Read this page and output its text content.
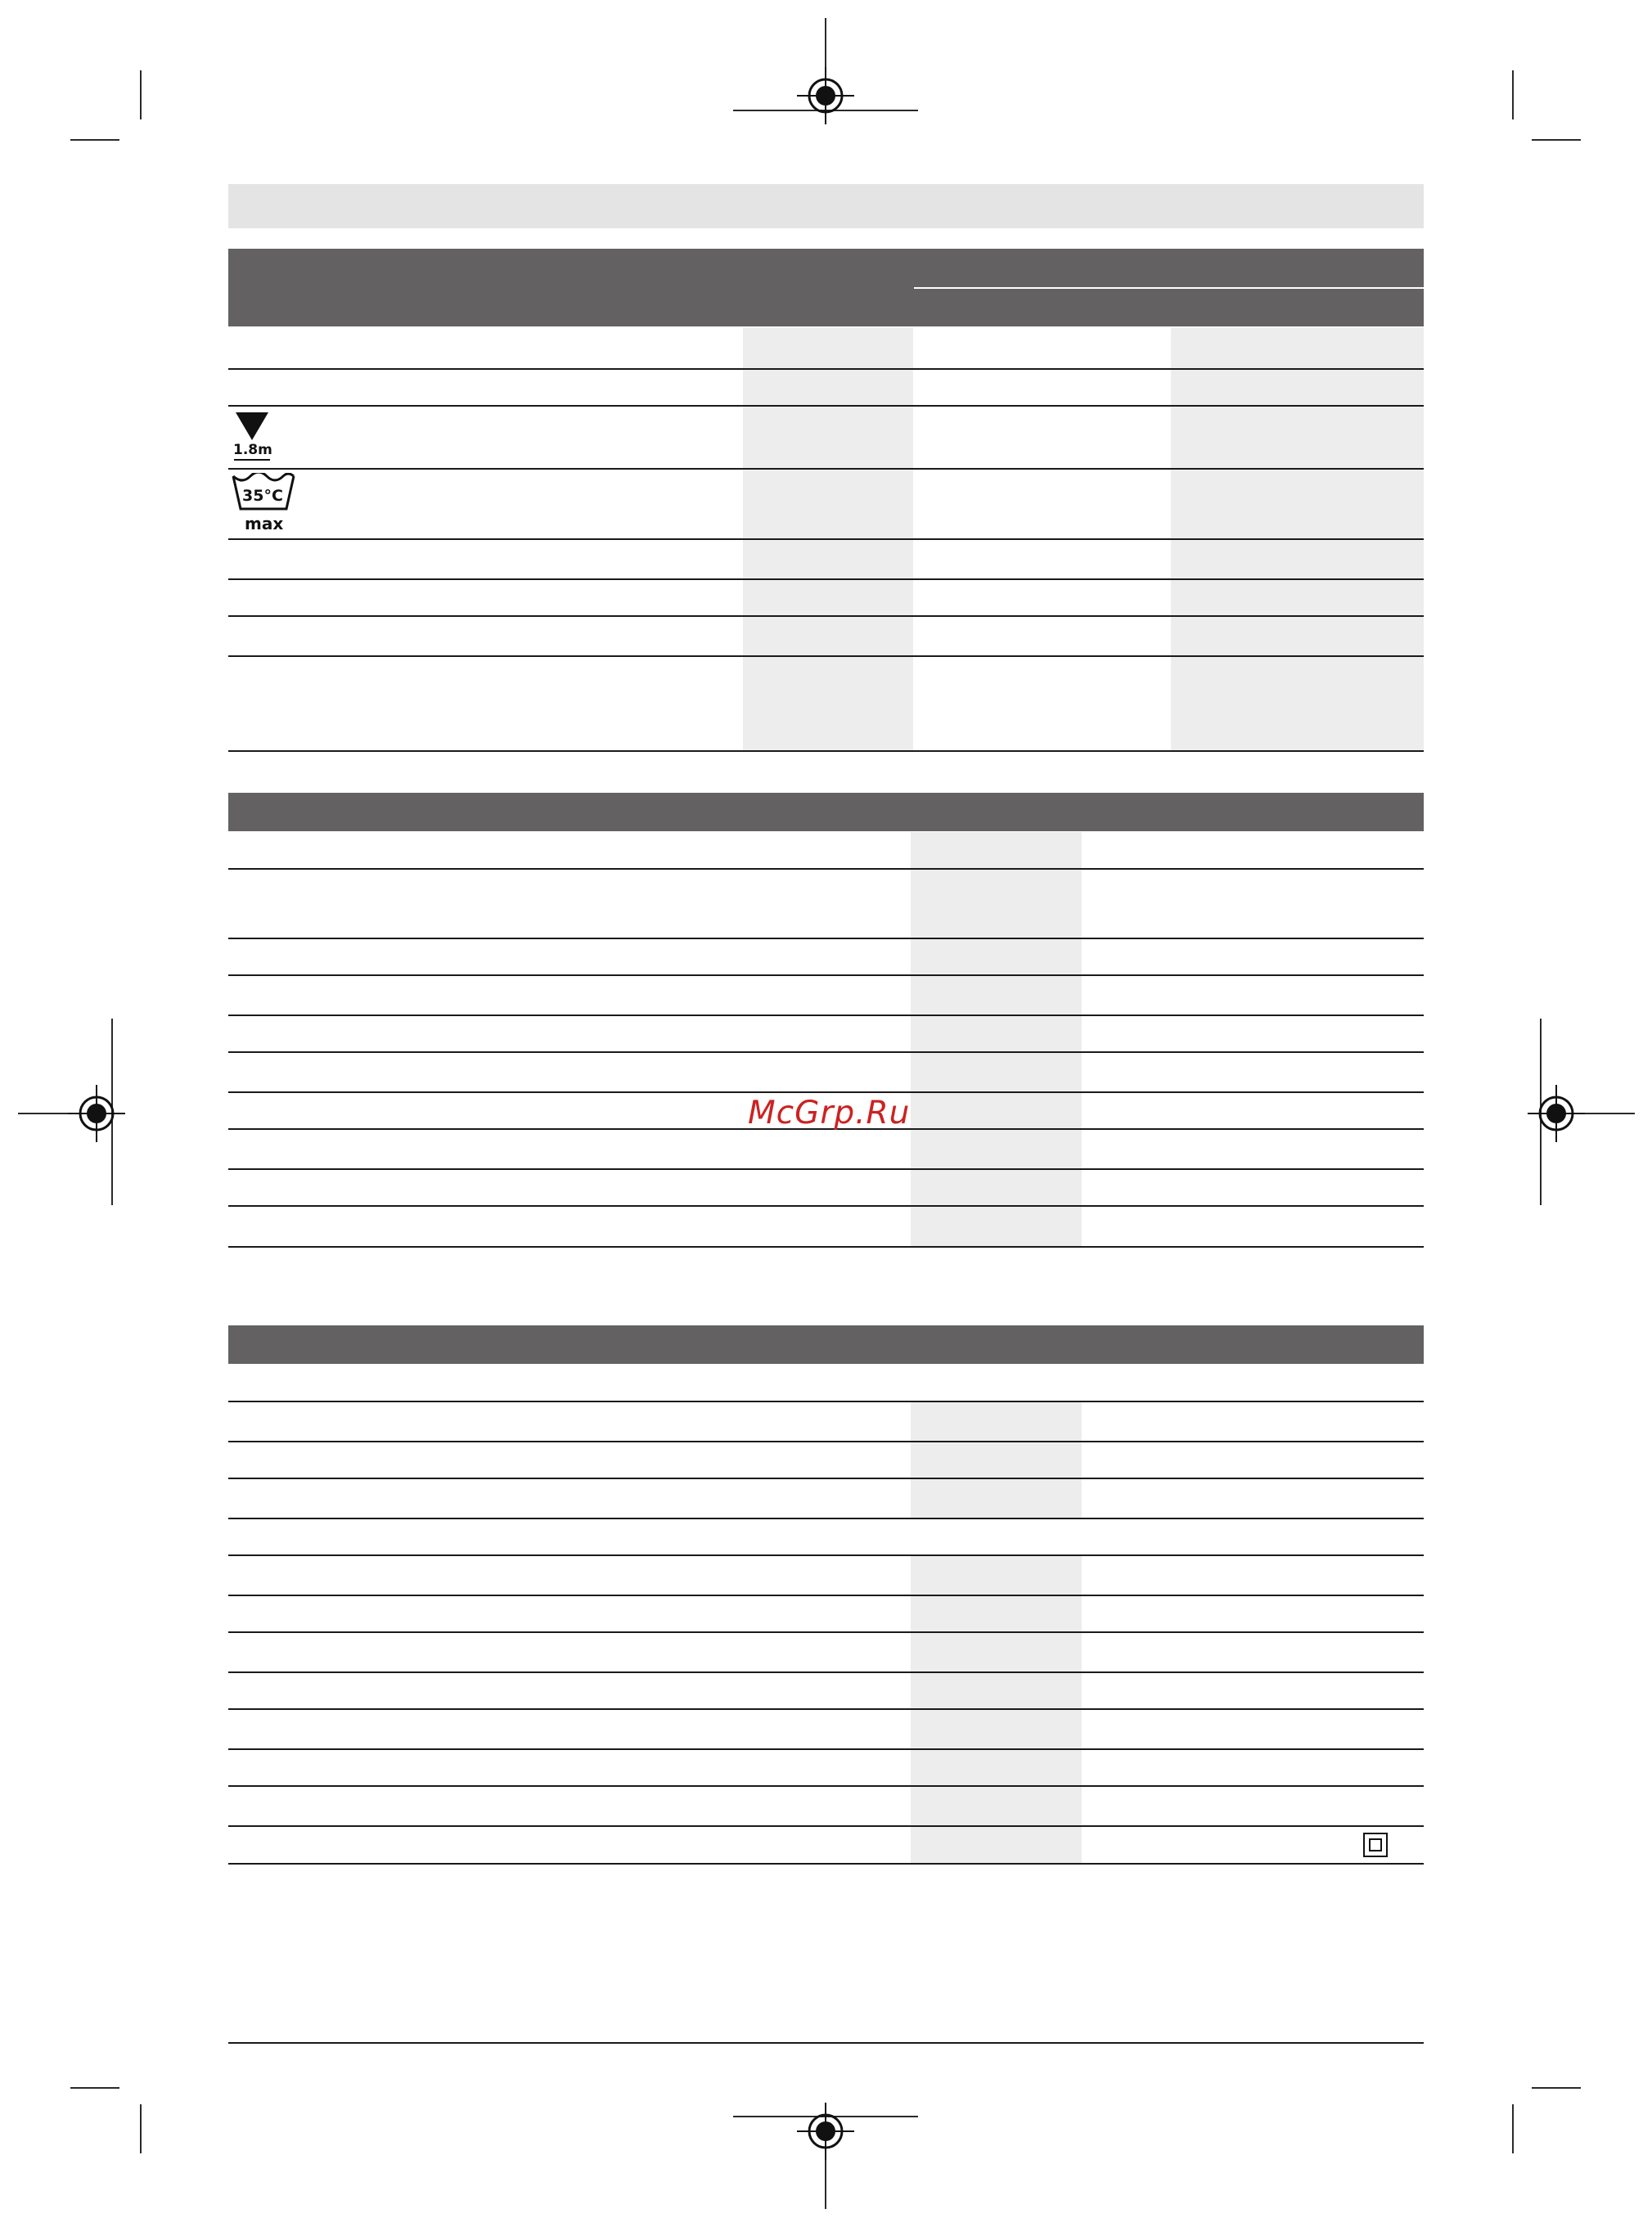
1.8m
35°C
max
McGrp.Ru
